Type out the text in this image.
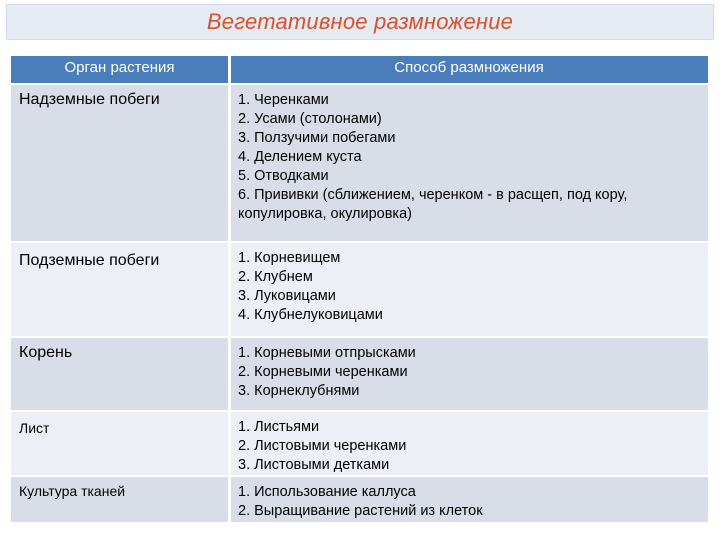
Вегетативное размножение
Орган растения	Способ размножения
Надземные побеги	1. Черенками
2. Усами (столонами)
3. Ползучими побегами
4. Делением куста
5. Отводками
6. Прививки (сближением, черенком - в расщеп, под кору,
копулировка, окулировка)
Подземные побеги	1. Корневищем
2. Клубнем
3. Луковицами
4. Клубнелуковицами
Корень	1. Корневыми отпрысками
2. Корневыми черенками
3. Корнеклубнями
Лист	1. Листьями
2. Листовыми черенками
3. Листовыми детками
Культура тканей	1. Использование каллуса
2. Выращивание растений из клеток
